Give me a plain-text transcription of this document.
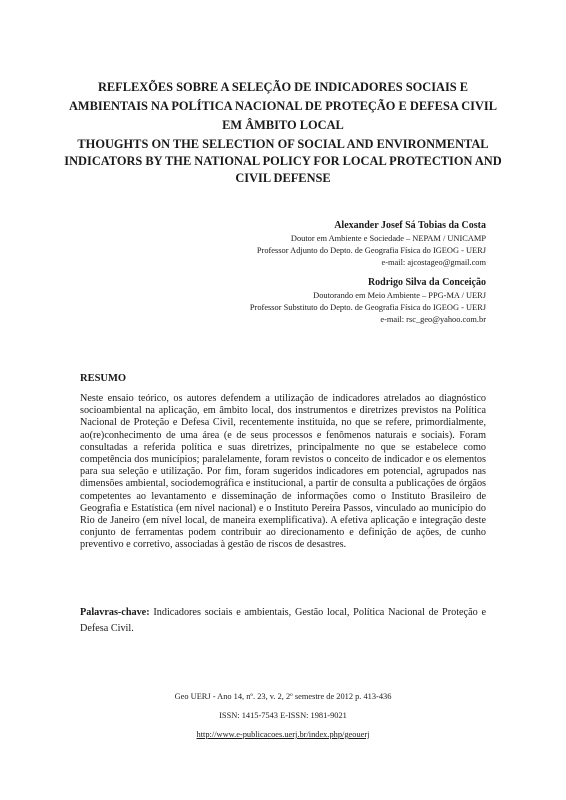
REFLEXÕES SOBRE A SELEÇÃO DE INDICADORES SOCIAIS E AMBIENTAIS NA POLÍTICA NACIONAL DE PROTEÇÃO E DEFESA CIVIL EM ÂMBITO LOCAL
THOUGHTS ON THE SELECTION OF SOCIAL AND ENVIRONMENTAL INDICATORS BY THE NATIONAL POLICY FOR LOCAL PROTECTION AND CIVIL DEFENSE

Alexander Josef Sá Tobias da Costa

Doutor em Ambiente e Sociedade – NEPAM / UNICAMP

Professor Adjunto do Depto. de Geografia Física do IGEOG - UERJ

e-mail: ajcostageo@gmail.com

Rodrigo Silva da Conceição

Doutorando em Meio Ambiente – PPG-MA / UERJ

Professor Substituto do Depto. de Geografia Física do IGEOG - UERJ

e-mail: rsc_geo@yahoo.com.br

RESUMO

Neste ensaio teórico, os autores defendem a utilização de indicadores atrelados ao diagnóstico socioambiental na aplicação, em âmbito local, dos instrumentos e diretrizes previstos na Política Nacional de Proteção e Defesa Civil, recentemente instituída, no que se refere, primordialmente, ao(re)conhecimento de uma área (e de seus processos e fenômenos naturais e sociais). Foram consultadas a referida política e suas diretrizes, principalmente no que se estabelece como competência dos municípios; paralelamente, foram revistos o conceito de indicador e os elementos para sua seleção e utilização. Por fim, foram sugeridos indicadores em potencial, agrupados nas dimensões ambiental, sociodemográfica e institucional, a partir de consulta a publicações de órgãos competentes ao levantamento e disseminação de informações como o Instituto Brasileiro de Geografia e Estatística (em nível nacional) e o Instituto Pereira Passos, vinculado ao município do Rio de Janeiro (em nível local, de maneira exemplificativa). A efetiva aplicação e integração deste conjunto de ferramentas podem contribuir ao direcionamento e definição de ações, de cunho preventivo e corretivo, associadas à gestão de riscos de desastres.

Palavras-chave: Indicadores sociais e ambientais, Gestão local, Política Nacional de Proteção e Defesa Civil.

Geo UERJ - Ano 14, nº. 23, v. 2, 2º semestre de 2012 p. 413-436

ISSN: 1415-7543 E-ISSN: 1981-9021

http://www.e-publicacoes.uerj.br/index.php/geouerj
